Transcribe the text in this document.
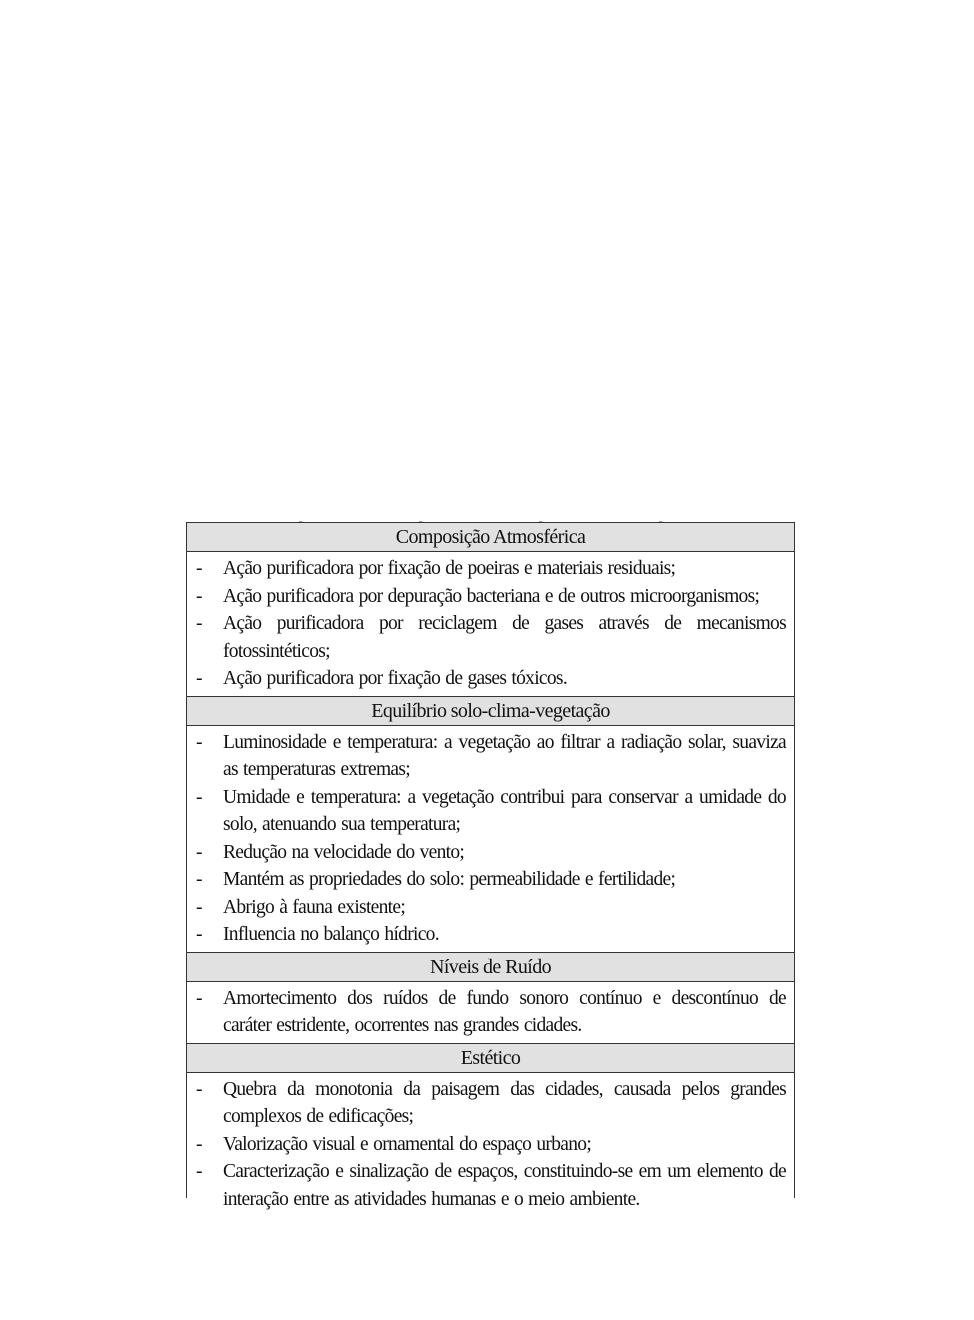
Composição Atmosférica
- Ação purificadora por fixação de poeiras e materiais residuais;
- Ação purificadora por depuração bacteriana e de outros microorganismos;
- Ação purificadora por reciclagem de gases através de mecanismos fotossintéticos;
- Ação purificadora por fixação de gases tóxicos.
Equilíbrio solo-clima-vegetação
- Luminosidade e temperatura: a vegetação ao filtrar a radiação solar, suaviza as temperaturas extremas;
- Umidade e temperatura: a vegetação contribui para conservar a umidade do solo, atenuando sua temperatura;
- Redução na velocidade do vento;
- Mantém as propriedades do solo: permeabilidade e fertilidade;
- Abrigo à fauna existente;
- Influencia no balanço hídrico.
Níveis de Ruído
- Amortecimento dos ruídos de fundo sonoro contínuo e descontínuo de caráter estridente, ocorrentes nas grandes cidades.
Estético
- Quebra da monotonia da paisagem das cidades, causada pelos grandes complexos de edificações;
- Valorização visual e ornamental do espaço urbano;
- Caracterização e sinalização de espaços, constituindo-se em um elemento de interação entre as atividades humanas e o meio ambiente.
